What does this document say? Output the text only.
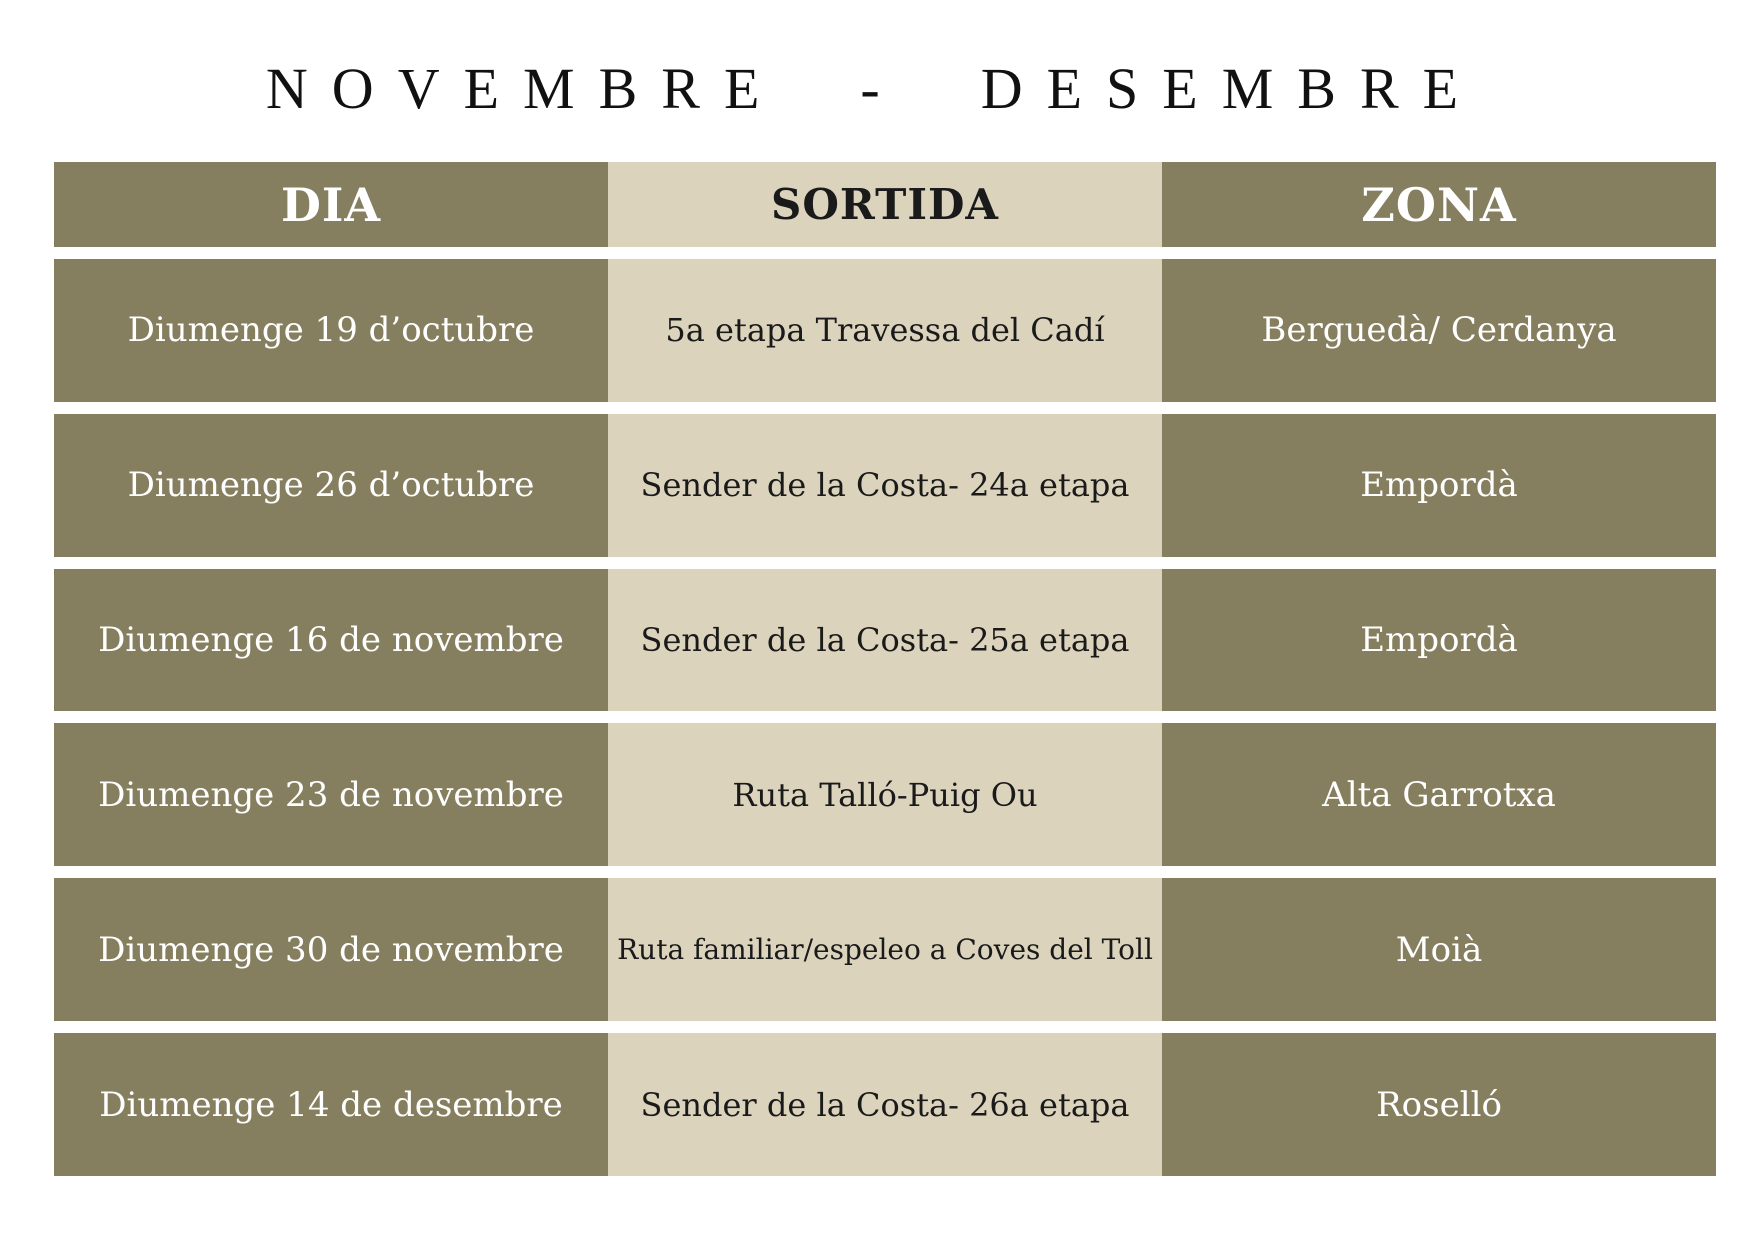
NOVEMBRE  -  DESEMBRE
DIA	SORTIDA	ZONA
Diumenge 19 d’octubre	5a etapa Travessa del Cadí	Berguedà/ Cerdanya
Diumenge 26 d’octubre	Sender de la Costa- 24a etapa	Empordà
Diumenge 16 de novembre	Sender de la Costa- 25a etapa	Empordà
Diumenge 23 de novembre	Ruta Talló-Puig Ou	Alta Garrotxa
Diumenge 30 de novembre	Ruta familiar/espeleo a Coves del Toll	Moià
Diumenge 14 de desembre	Sender de la Costa- 26a etapa	Roselló
